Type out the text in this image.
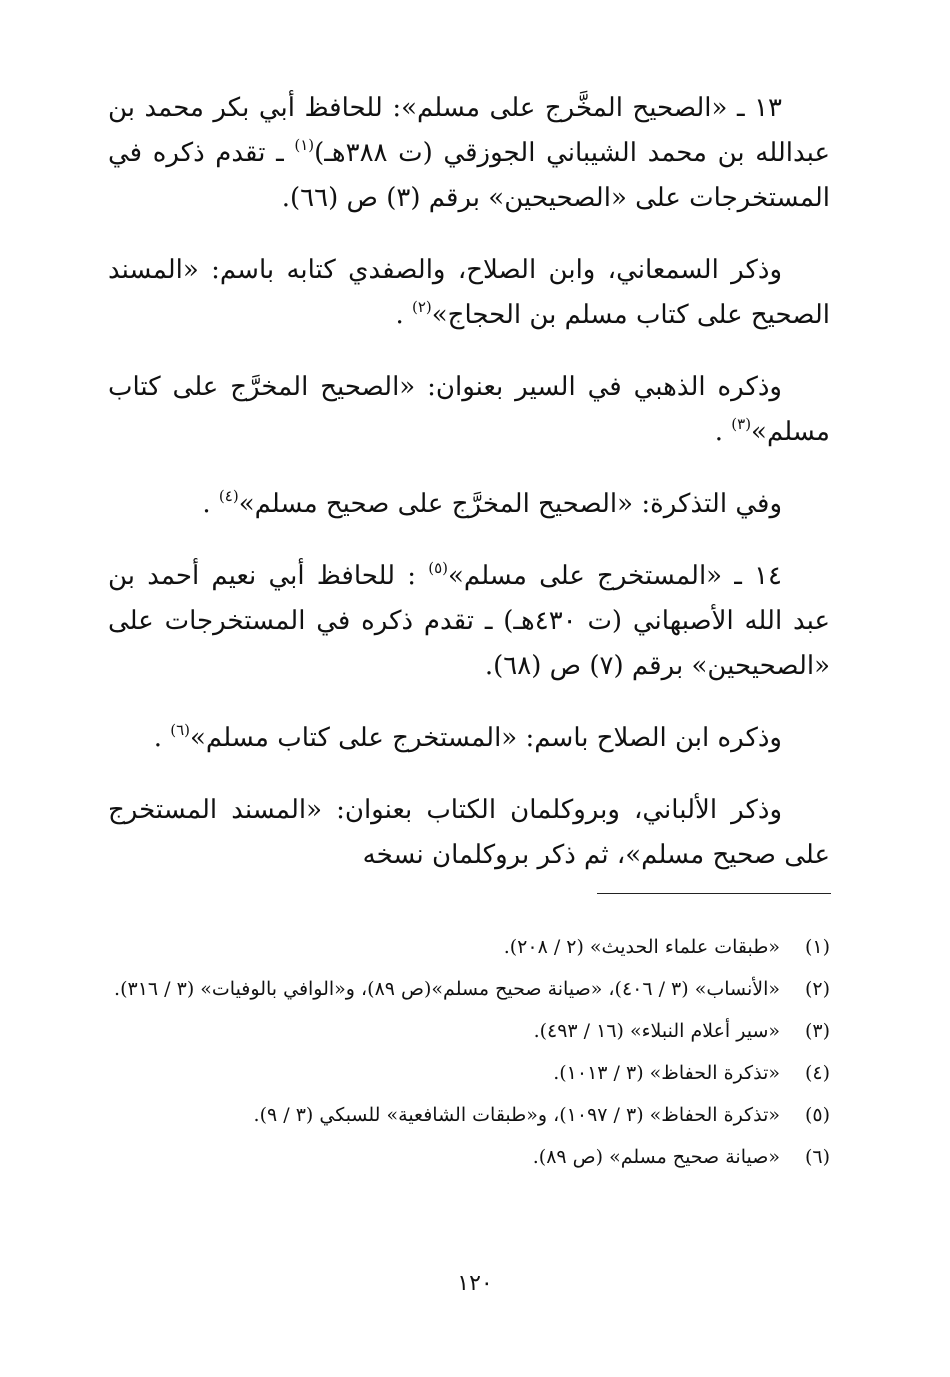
١٣ ـ «الصحيح المخَّرج على مسلم»: للحافظ أبي بكر محمد بن عبدالله بن محمد الشيباني الجوزقي (ت ٣٨٨هـ)$^{(١)}$ ـ تقدم ذكره في المستخرجات على «الصحيحين» برقم (٣) ص (٦٦).

وذكر السمعاني، وابن الصلاح، والصفدي كتابه باسم: «المسند الصحيح على كتاب مسلم بن الحجاج»$^{(٢)}$ .

وذكره الذهبي في السير بعنوان: «الصحيح المخرَّج على كتاب مسلم»$^{(٣)}$ .

وفي التذكرة: «الصحيح المخرَّج على صحيح مسلم»$^{(٤)}$ .

١٤ ـ «المستخرج على مسلم»$^{(٥)}$ : للحافظ أبي نعيم أحمد بن عبد الله الأصبهاني (ت ٤٣٠هـ) ـ تقدم ذكره في المستخرجات على «الصحيحين» برقم (٧) ص (٦٨).

وذكره ابن الصلاح باسم: «المستخرج على كتاب مسلم»$^{(٦)}$ .

وذكر الألباني، وبروكلمان الكتاب بعنوان: «المسند المستخرج على صحيح مسلم»، ثم ذكر بروكلمان نسخه

(١)
«طبقات علماء الحديث» (٢ / ٢٠٨).
(٢)
«الأنساب» (٣ / ٤٠٦)، «صيانة صحيح مسلم»(ص ٨٩)، و«الوافي بالوفيات» (٣ / ٣١٦).
(٣)
«سير أعلام النبلاء» (١٦ / ٤٩٣).
(٤)
«تذكرة الحفاظ» (٣ / ١٠١٣).
(٥)
«تذكرة الحفاظ» (٣ / ١٠٩٧)، و«طبقات الشافعية» للسبكي (٣ / ٩).
(٦)
«صيانة صحيح مسلم» (ص ٨٩).
١٢٠
